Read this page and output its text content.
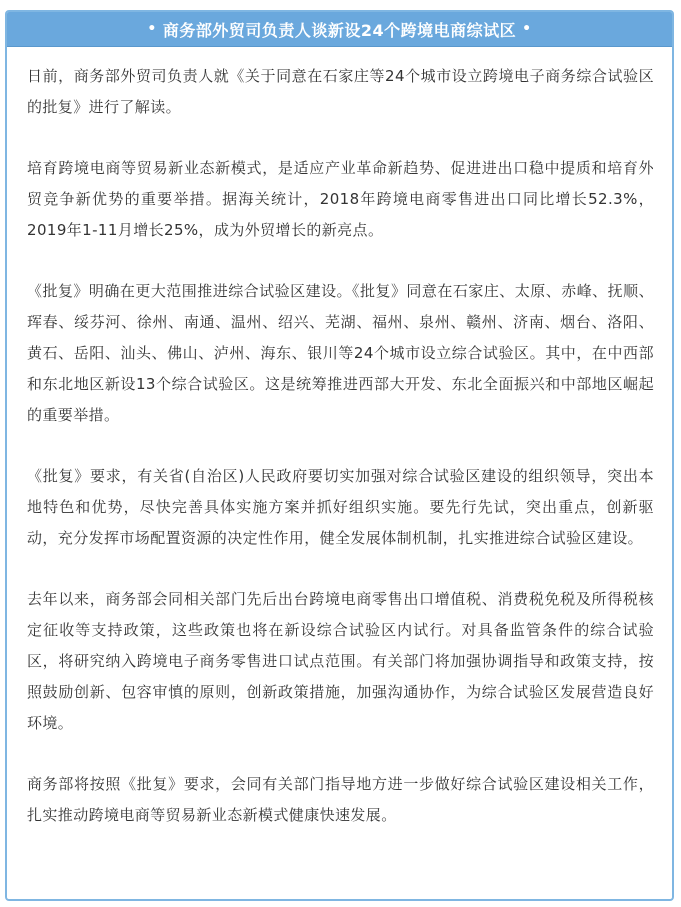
• 商务部外贸司负责人谈新设24个跨境电商综试区 •

日前，商务部外贸司负责人就《关于同意在石家庄等24个城市设立跨境电子商务综合试验区的批复》进行了解读。

培育跨境电商等贸易新业态新模式，是适应产业革命新趋势、促进进出口稳中提质和培育外贸竞争新优势的重要举措。据海关统计，2018年跨境电商零售进出口同比增长52.3%，2019年1-11月增长25%，成为外贸增长的新亮点。

《批复》明确在更大范围推进综合试验区建设。《批复》同意在石家庄、太原、赤峰、抚顺、珲春、绥芬河、徐州、南通、温州、绍兴、芜湖、福州、泉州、赣州、济南、烟台、洛阳、黄石、岳阳、汕头、佛山、泸州、海东、银川等24个城市设立综合试验区。其中，在中西部和东北地区新设13个综合试验区。这是统筹推进西部大开发、东北全面振兴和中部地区崛起的重要举措。

《批复》要求，有关省(自治区)人民政府要切实加强对综合试验区建设的组织领导，突出本地特色和优势，尽快完善具体实施方案并抓好组织实施。要先行先试，突出重点，创新驱动，充分发挥市场配置资源的决定性作用，健全发展体制机制，扎实推进综合试验区建设。

去年以来，商务部会同相关部门先后出台跨境电商零售出口增值税、消费税免税及所得税核定征收等支持政策，这些政策也将在新设综合试验区内试行。对具备监管条件的综合试验区，将研究纳入跨境电子商务零售进口试点范围。有关部门将加强协调指导和政策支持，按照鼓励创新、包容审慎的原则，创新政策措施，加强沟通协作，为综合试验区发展营造良好环境。

商务部将按照《批复》要求，会同有关部门指导地方进一步做好综合试验区建设相关工作，扎实推动跨境电商等贸易新业态新模式健康快速发展。
